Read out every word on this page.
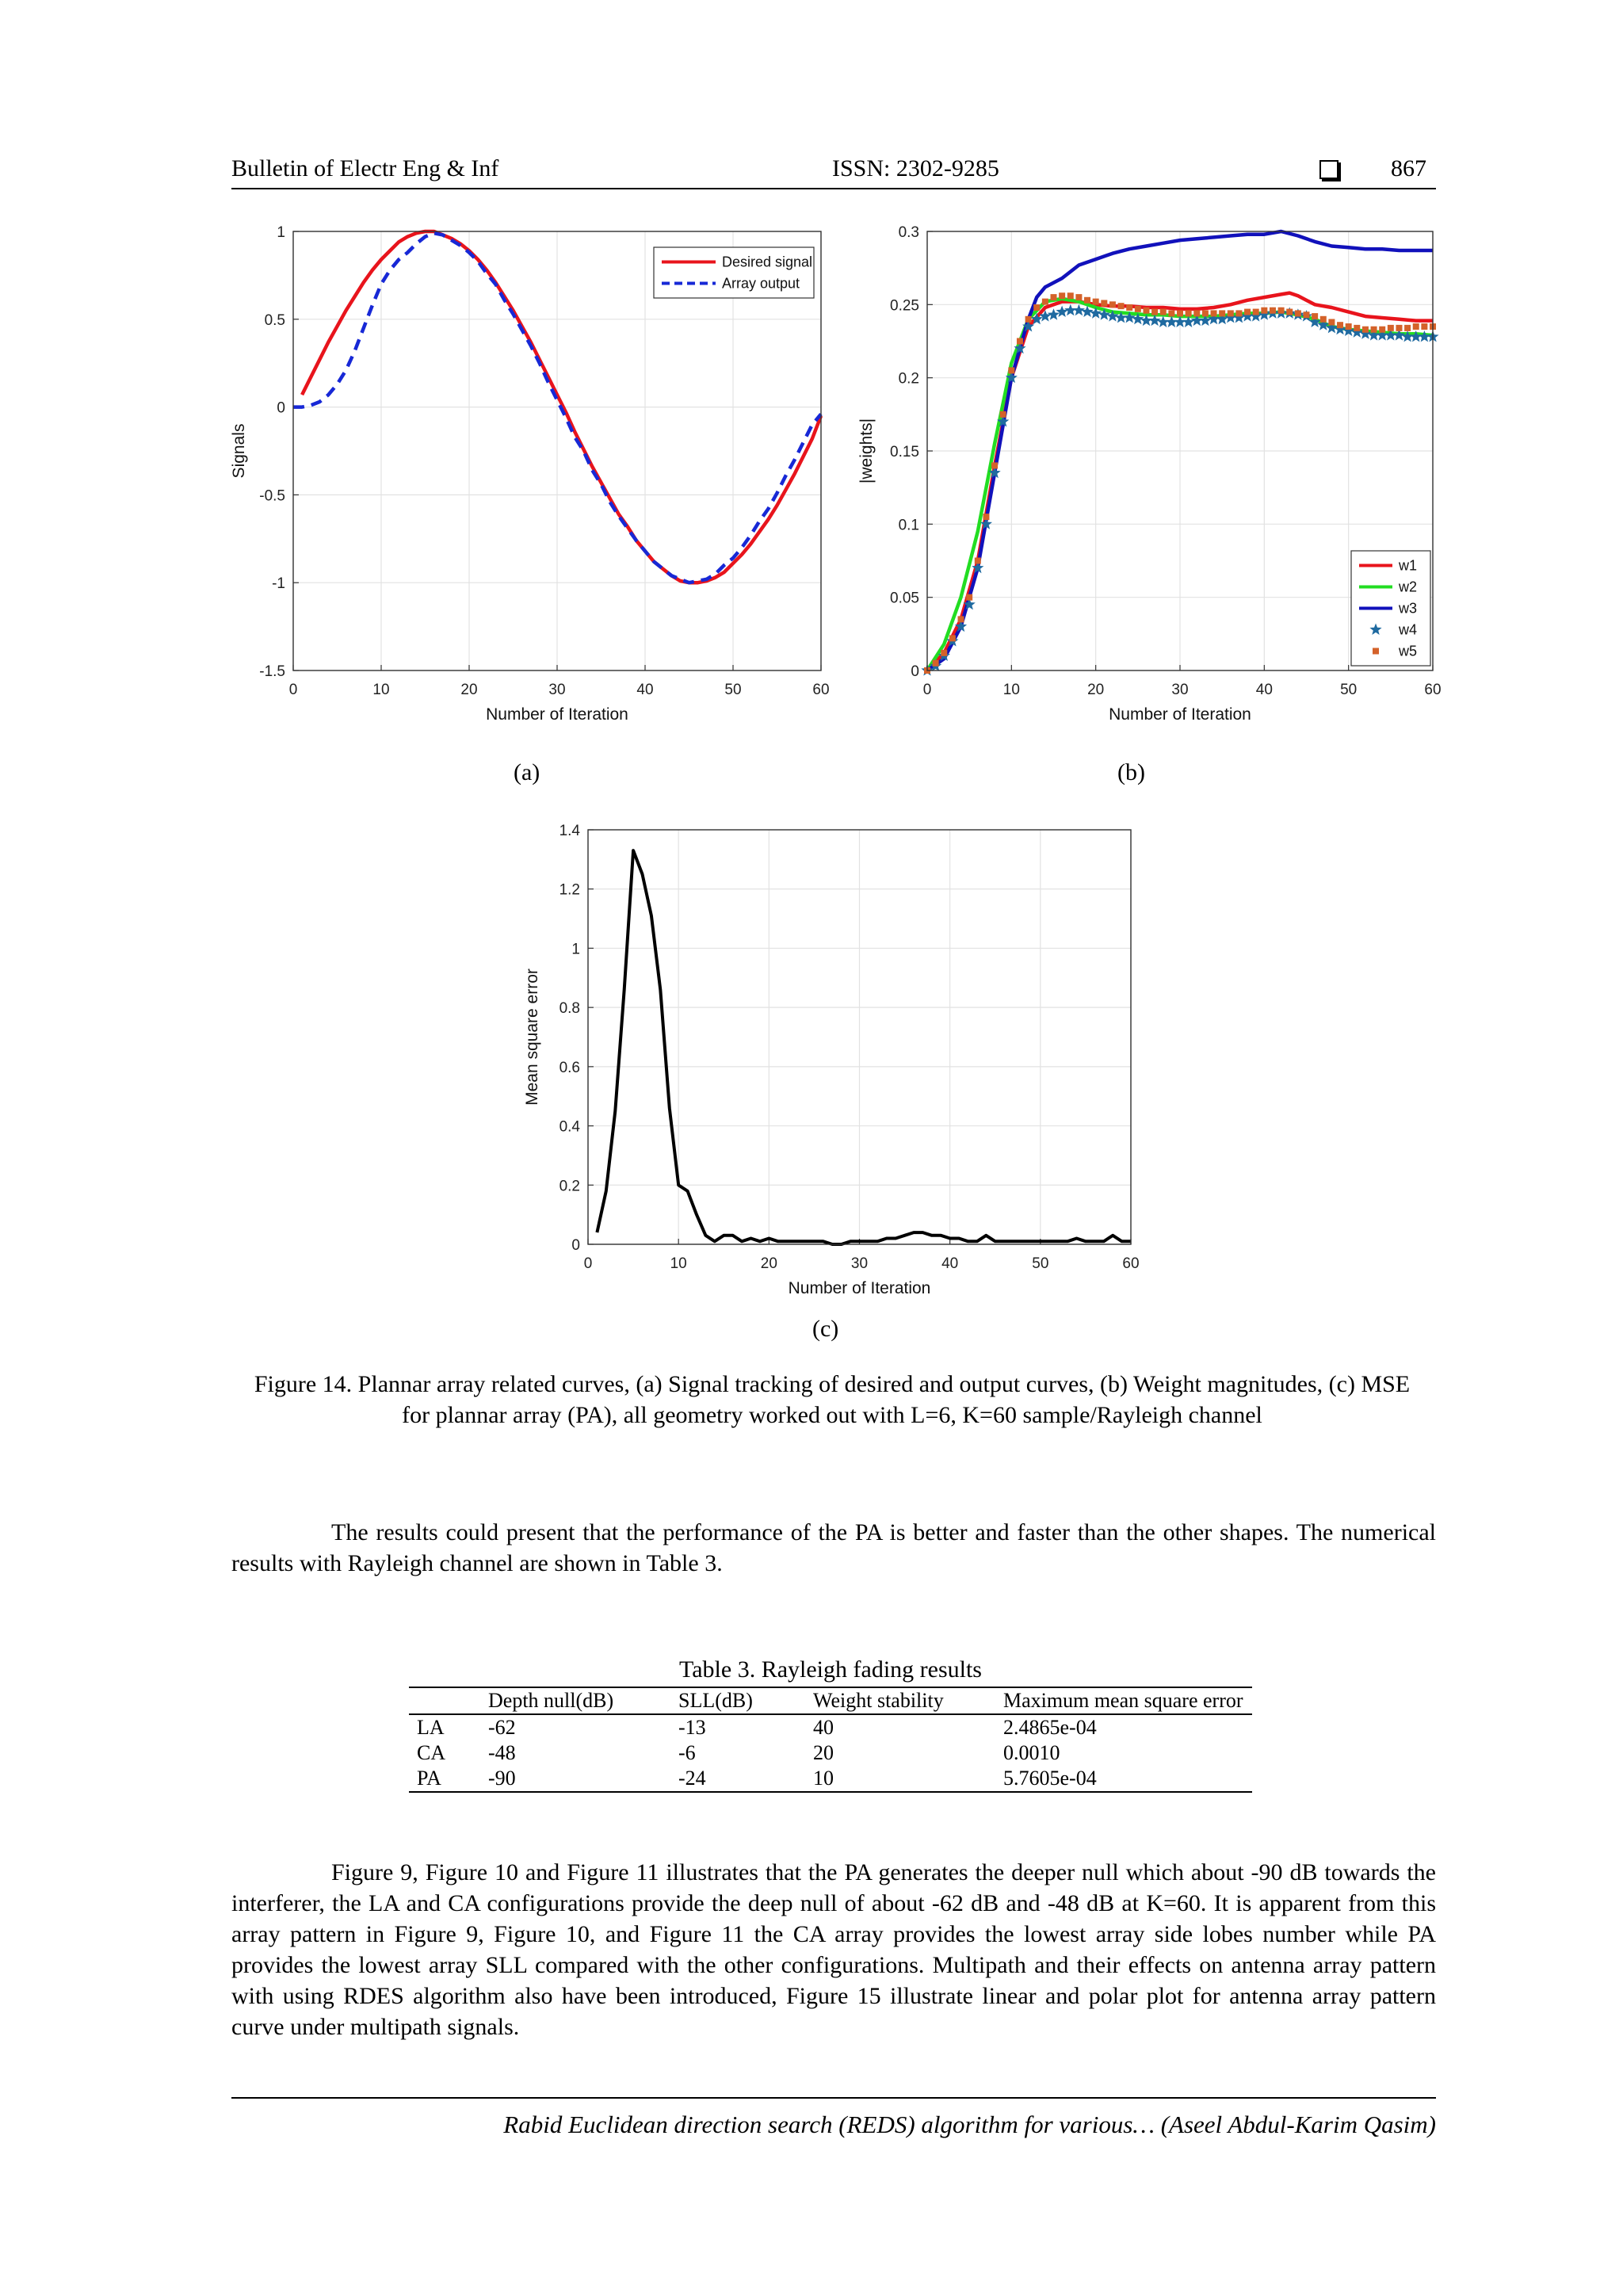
Bulletin of Electr Eng & Inf	ISSN: 2302-9285	867
0	10	20	30	40	50	60
-1.5
-1
-0.5
0
0.5
1
Number of Iteration
Signals
Desired signal
Array output
0	10	20	30	40	50	60
0
0.05
0.1
0.15
0.2
0.25
0.3
Number of Iteration
|weights|
w1
w2
w3
w4
w5
(a)	(b)
0	10	20	30	40	50	60
0
0.2
0.4
0.6
0.8
1
1.2
1.4
Number of Iteration
Mean square error
(c)
Figure 14. Plannar array related curves, (a) Signal tracking of desired and output curves, (b) Weight magnitudes, (c) MSE for plannar array (PA), all geometry worked out with L=6, K=60 sample/Rayleigh channel

The results could present that the performance of the PA is better and faster than the other shapes. The numerical results with Rayleigh channel are shown in Table 3.

Table 3. Rayleigh fading results
	Depth null(dB)	SLL(dB)	Weight stability	Maximum mean square error
LA	-62	-13	40	2.4865e-04
CA	-48	-6	20	0.0010
PA	-90	-24	10	5.7605e-04

Figure 9, Figure 10 and Figure 11 illustrates that the PA generates the deeper null which about -90 dB towards the interferer, the LA and CA configurations provide the deep null of about -62 dB and -48 dB at K=60. It is apparent from this array pattern in Figure 9, Figure 10, and Figure 11 the CA array provides the lowest array side lobes number while PA provides the lowest array SLL compared with the other configurations. Multipath and their effects on antenna array pattern with using RDES algorithm also have been introduced, Figure 15 illustrate linear and polar plot for antenna array pattern curve under multipath signals.

Rabid Euclidean direction search (REDS) algorithm for various… (Aseel Abdul-Karim Qasim)
